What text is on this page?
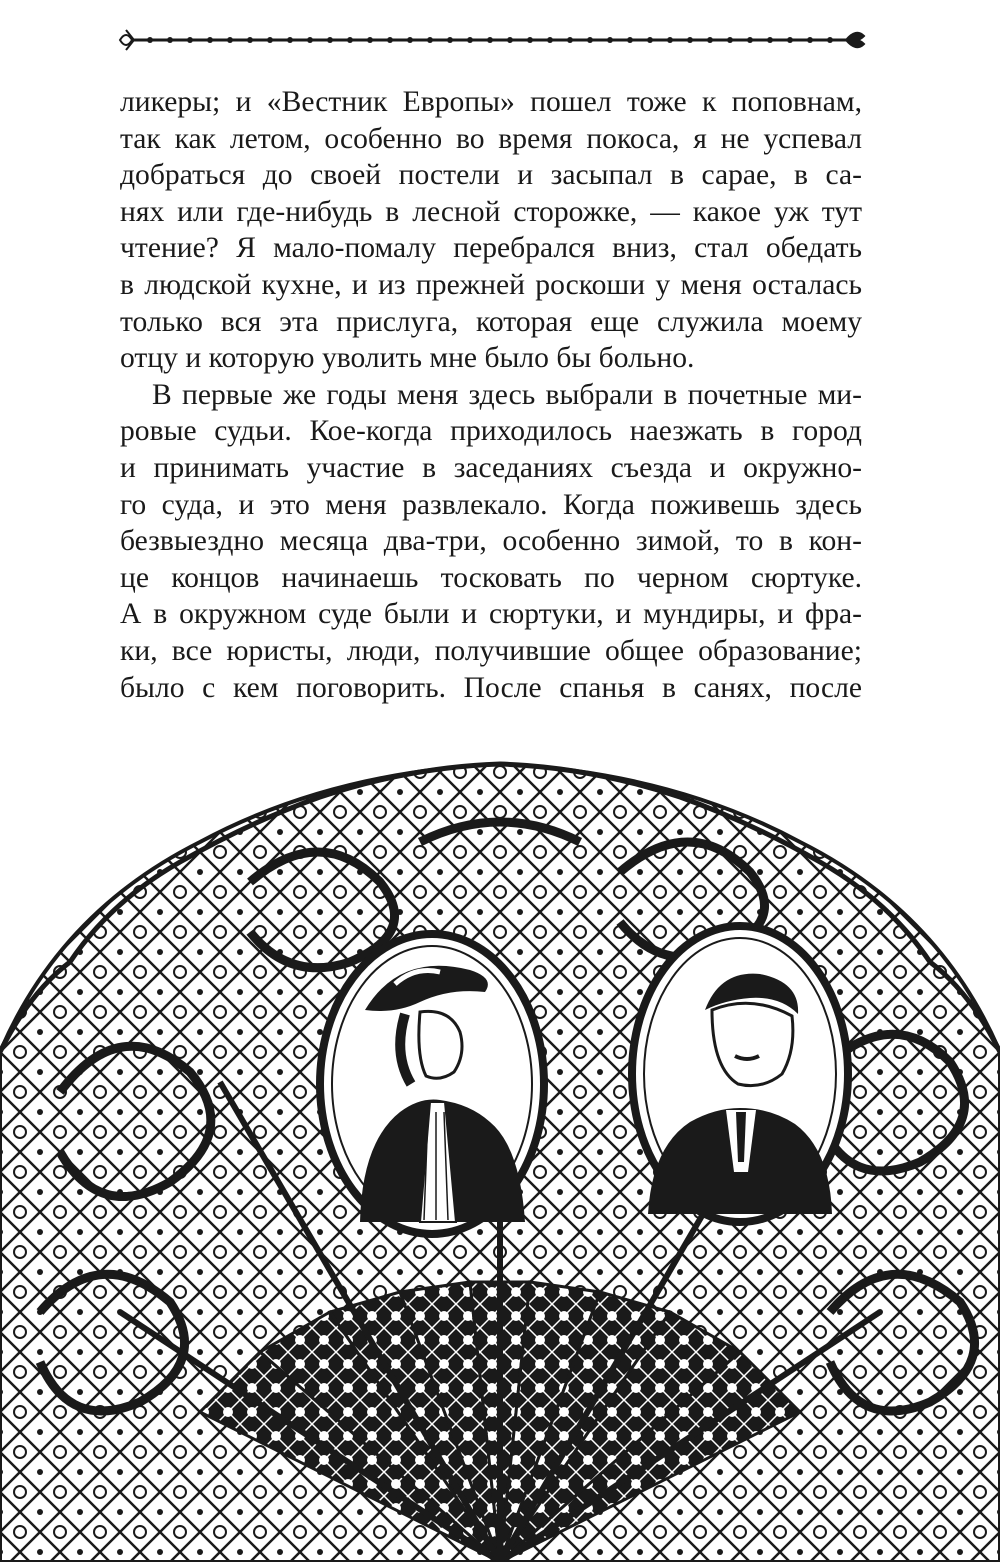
ликеры; и «Вестник Европы» пошел тоже к поповнам,
так как летом, особенно во время покоса, я не успевал
добраться до своей постели и засыпал в сарае, в са-
нях или где-нибудь в лесной сторожке, — какое уж тут
чтение? Я мало-помалу перебрался вниз, стал обедать
в людской кухне, и из прежней роскоши у меня осталась
только вся эта прислуга, которая еще служила моему
отцу и которую уволить мне было бы больно.
В первые же годы меня здесь выбрали в почетные ми-
ровые судьи. Кое-когда приходилось наезжать в город
и принимать участие в заседаниях съезда и окружно-
го суда, и это меня развлекало. Когда поживешь здесь
безвыездно месяца два-три, особенно зимой, то в кон-
це концов начинаешь тосковать по черном сюртуке.
А в окружном суде были и сюртуки, и мундиры, и фра-
ки, все юристы, люди, получившие общее образование;
было с кем поговорить. После спанья в санях, после
